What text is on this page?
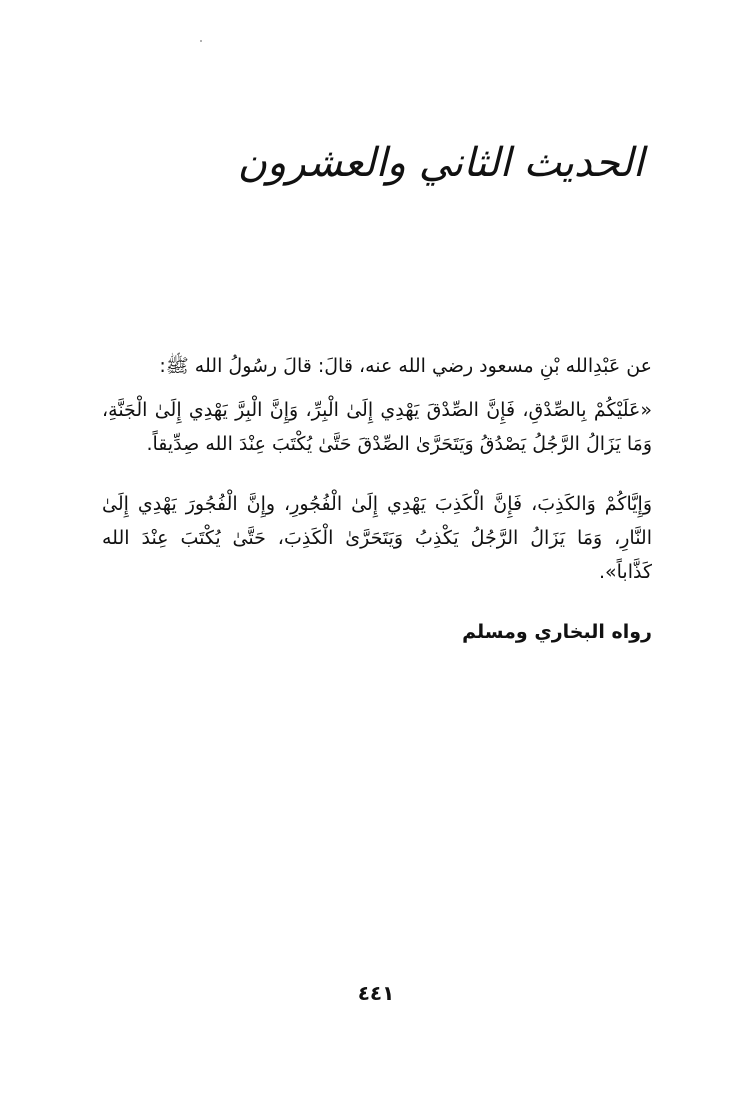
الحديث الثاني والعشرون
عن عَبْدِالله بْنِ مسعود رضي الله عنه، قالَ: قالَ رسُولُ الله ﷺ:
«عَلَيْكُمْ بِالصِّدْقِ، فَإِنَّ الصِّدْقَ يَهْدِي إِلَىٰ الْبِرِّ، وَإِنَّ الْبِرَّ يَهْدِي إِلَىٰ الْجَنَّةِ، وَمَا يَزَالُ الرَّجُلُ يَصْدُقُ وَيَتَحَرَّىٰ الصِّدْقَ حَتَّىٰ يُكْتَبَ عِنْدَ الله صِدِّيقاً.
وَإِيَّاكُمْ وَالكَذِبَ، فَإِنَّ الْكَذِبَ يَهْدِي إِلَىٰ الْفُجُورِ، وإِنَّ الْفُجُورَ يَهْدِي إِلَىٰ النَّارِ، وَمَا يَزَالُ الرَّجُلُ يَكْذِبُ وَيَتَحَرَّىٰ الْكَذِبَ، حَتَّىٰ يُكْتَبَ عِنْدَ الله كَذَّاباً».
رواه البخاري ومسلم
٤٤١
